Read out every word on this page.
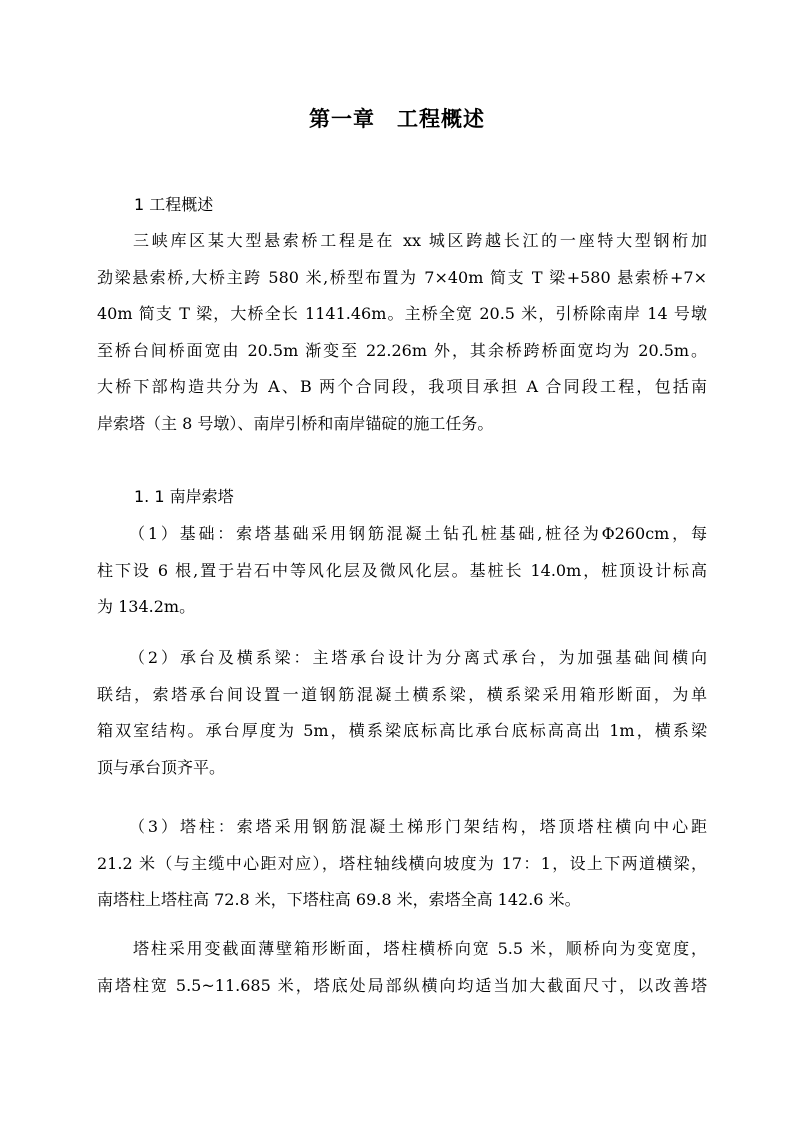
第一章　工程概述
1 工程概述
三峡库区某大型悬索桥工程是在 xx 城区跨越长江的一座特大型钢桁加
劲梁悬索桥,大桥主跨 580 米,桥型布置为 7×40m 简支 T 梁+580 悬索桥+7×
40m 简支 T 梁，大桥全长 1141.46m。主桥全宽 20.5 米，引桥除南岸 14 号墩
至桥台间桥面宽由 20.5m 渐变至 22.26m 外，其余桥跨桥面宽均为 20.5m。
大桥下部构造共分为 A、B 两个合同段，我项目承担 A 合同段工程，包括南
岸索塔（主 8 号墩）、南岸引桥和南岸锚碇的施工任务。
1. 1 南岸索塔
（1）基础：索塔基础采用钢筋混凝土钻孔桩基础,桩径为Φ260cm，每
柱下设 6 根,置于岩石中等风化层及微风化层。基桩长 14.0m，桩顶设计标高
为 134.2m。
（2）承台及横系梁：主塔承台设计为分离式承台，为加强基础间横向
联结，索塔承台间设置一道钢筋混凝土横系梁，横系梁采用箱形断面，为单
箱双室结构。承台厚度为 5m，横系梁底标高比承台底标高高出 1m，横系梁
顶与承台顶齐平。
（3）塔柱：索塔采用钢筋混凝土梯形门架结构，塔顶塔柱横向中心距
21.2 米（与主缆中心距对应），塔柱轴线横向坡度为 17：1，设上下两道横梁，
南塔柱上塔柱高 72.8 米，下塔柱高 69.8 米，索塔全高 142.6 米。
塔柱采用变截面薄壁箱形断面，塔柱横桥向宽 5.5 米，顺桥向为变宽度，
南塔柱宽 5.5~11.685 米，塔底处局部纵横向均适当加大截面尺寸，以改善塔
